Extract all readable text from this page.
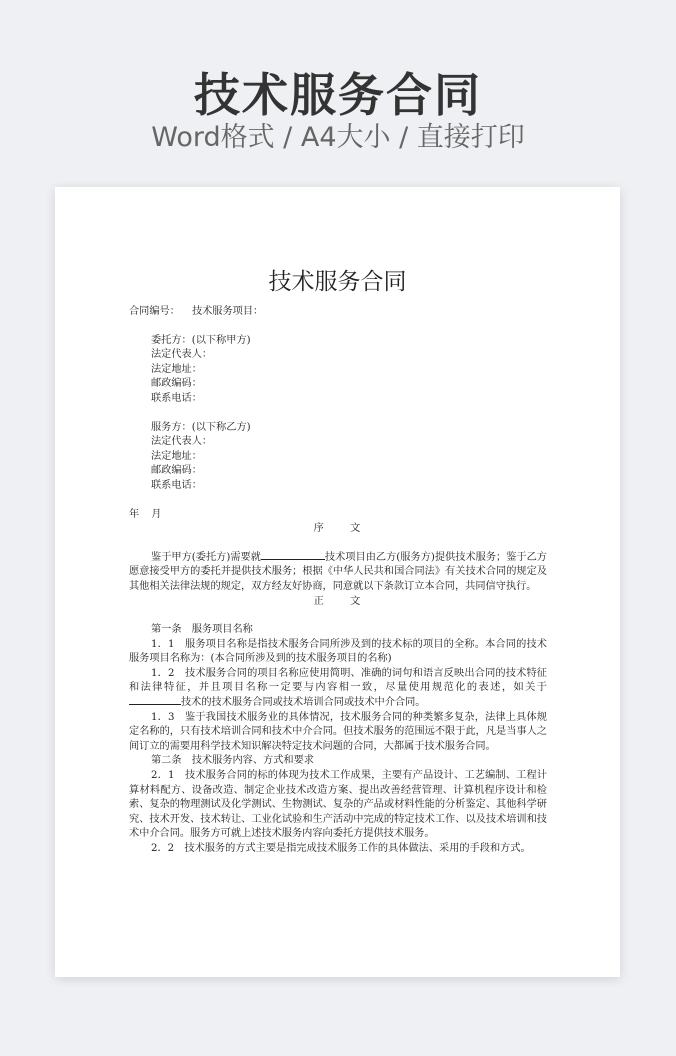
技术服务合同
Word格式 / A4大小 / 直接打印
技术服务合同

合同编号： 技术服务项目：

委托方：(以下称甲方)

法定代表人：

法定地址：

邮政编码：

联系电话：

服务方：(以下称乙方)

法定代表人：

法定地址：

邮政编码：

联系电话：

年 月

序　　文

鉴于甲方(委托方)需要就	技术项目由乙方(服务方)提供技术服务；鉴于乙方愿意接受甲方的委托并提供技术服务；根据《中华人民共和国合同法》有关技术合同的规定及其他相关法律法规的规定，双方经友好协商，同意就以下条款订立本合同，共同信守执行。

正　　文

第一条　服务项目名称

1．1　服务项目名称是指技术服务合同所涉及到的技术标的项目的全称。本合同的技术服务项目名称为：(本合同所涉及到的技术服务项目的名称)

1．2　技术服务合同的项目名称应使用简明、准确的词句和语言反映出合同的技术特征和法律特征，并且项目名称一定要与内容相一致，尽量使用规范化的表述，如关于技术的技术服务合同或技术培训合同或技术中介合同。

1．3　鉴于我国技术服务业的具体情况，技术服务合同的种类繁多复杂，法律上具体规定名称的，只有技术培训合同和技术中介合同。但技术服务的范围远不限于此，凡是当事人之间订立的需要用科学技术知识解决特定技术问题的合同，大都属于技术服务合同。

第二条　技术服务内容、方式和要求

2．1　技术服务合同的标的体现为技术工作成果，主要有产品设计、工艺编制、工程计算材料配方、设备改造、制定企业技术改造方案、提出改善经营管理、计算机程序设计和检索、复杂的物理测试及化学测试、生物测试、复杂的产品或材料性能的分析鉴定、其他科学研究、技术开发、技术转让、工业化试验和生产活动中完成的特定技术工作、以及技术培训和技术中介合同。服务方可就上述技术服务内容向委托方提供技术服务。

2．2　技术服务的方式主要是指完成技术服务工作的具体做法、采用的手段和方式。
